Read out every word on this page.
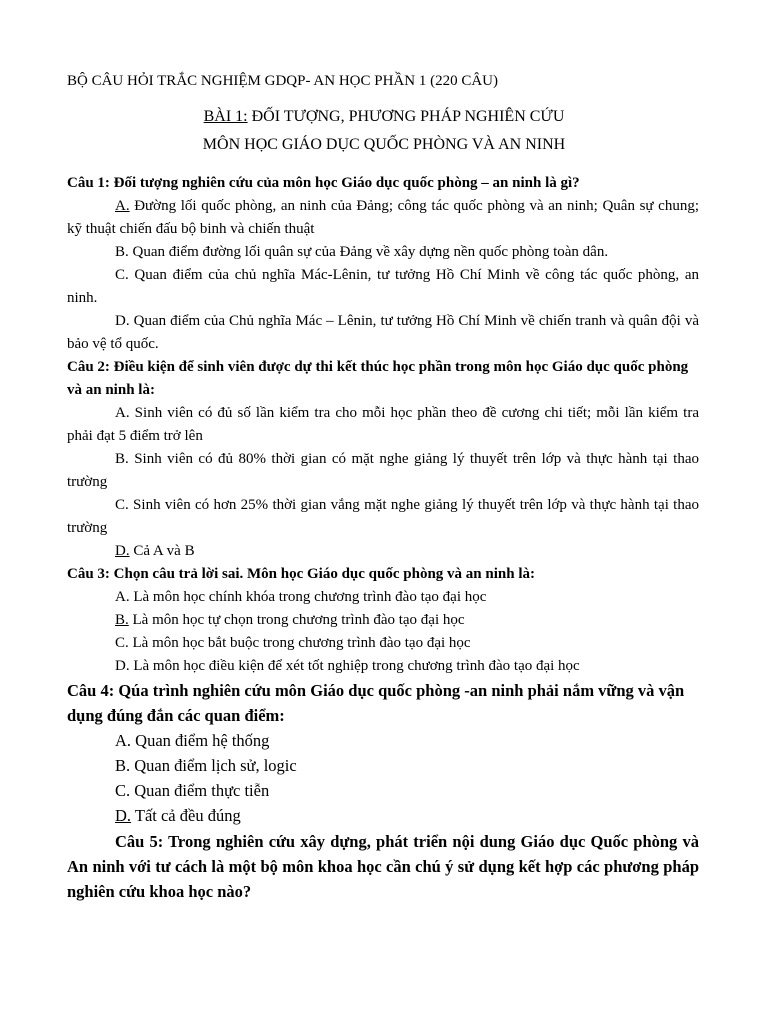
BỘ CÂU HỎI TRẮC NGHIỆM GDQP- AN HỌC PHẦN 1 (220 CÂU)
BÀI 1: ĐỐI TƯỢNG, PHƯƠNG PHÁP NGHIÊN CỨU
MÔN HỌC GIÁO DỤC QUỐC PHÒNG VÀ AN NINH
Câu 1: Đối tượng nghiên cứu của môn học Giáo dục quốc phòng – an ninh là gì?
A. Đường lối quốc phòng, an ninh của Đảng; công tác quốc phòng và an ninh; Quân sự chung; kỹ thuật chiến đấu bộ binh và chiến thuật
B. Quan điểm đường lối quân sự của Đảng về xây dựng nền quốc phòng toàn dân.
C. Quan điểm của chủ nghĩa Mác-Lênin, tư tưởng Hồ Chí Minh về công tác quốc phòng, an ninh.
D. Quan điểm của Chủ nghĩa Mác – Lênin, tư tưởng Hồ Chí Minh về chiến tranh và quân đội và bảo vệ tổ quốc.
Câu 2: Điều kiện để sinh viên được dự thi kết thúc học phần trong môn học Giáo dục quốc phòng và an ninh là:
A. Sinh viên có đủ số lần kiểm tra cho mỗi học phần theo đề cương chi tiết; mỗi lần kiểm tra phải đạt 5 điểm trở lên
B. Sinh viên có đủ 80% thời gian có mặt nghe giảng lý thuyết trên lớp và thực hành tại thao trường
C. Sinh viên có hơn 25% thời gian vắng mặt nghe giảng lý thuyết trên lớp và thực hành tại thao trường
D. Cả A và B
Câu 3: Chọn câu trả lời sai. Môn học Giáo dục quốc phòng và an ninh là:
A. Là môn học chính khóa trong chương trình đào tạo đại học
B. Là môn học tự chọn trong chương trình đào tạo đại học
C. Là môn học bắt buộc trong chương trình đào tạo đại học
D. Là môn học điều kiện để xét tốt nghiệp trong chương trình đào tạo đại học
Câu 4: Qúa trình nghiên cứu môn Giáo dục quốc phòng -an ninh phải nắm vững và vận dụng đúng đắn các quan điểm:
A. Quan điểm hệ thống
B. Quan điểm lịch sử, logic
C. Quan điểm thực tiễn
D. Tất cả đều đúng
Câu 5: Trong nghiên cứu xây dựng, phát triển nội dung Giáo dục Quốc phòng và An ninh với tư cách là một bộ môn khoa học cần chú ý sử dụng kết hợp các phương pháp nghiên cứu khoa học nào?
